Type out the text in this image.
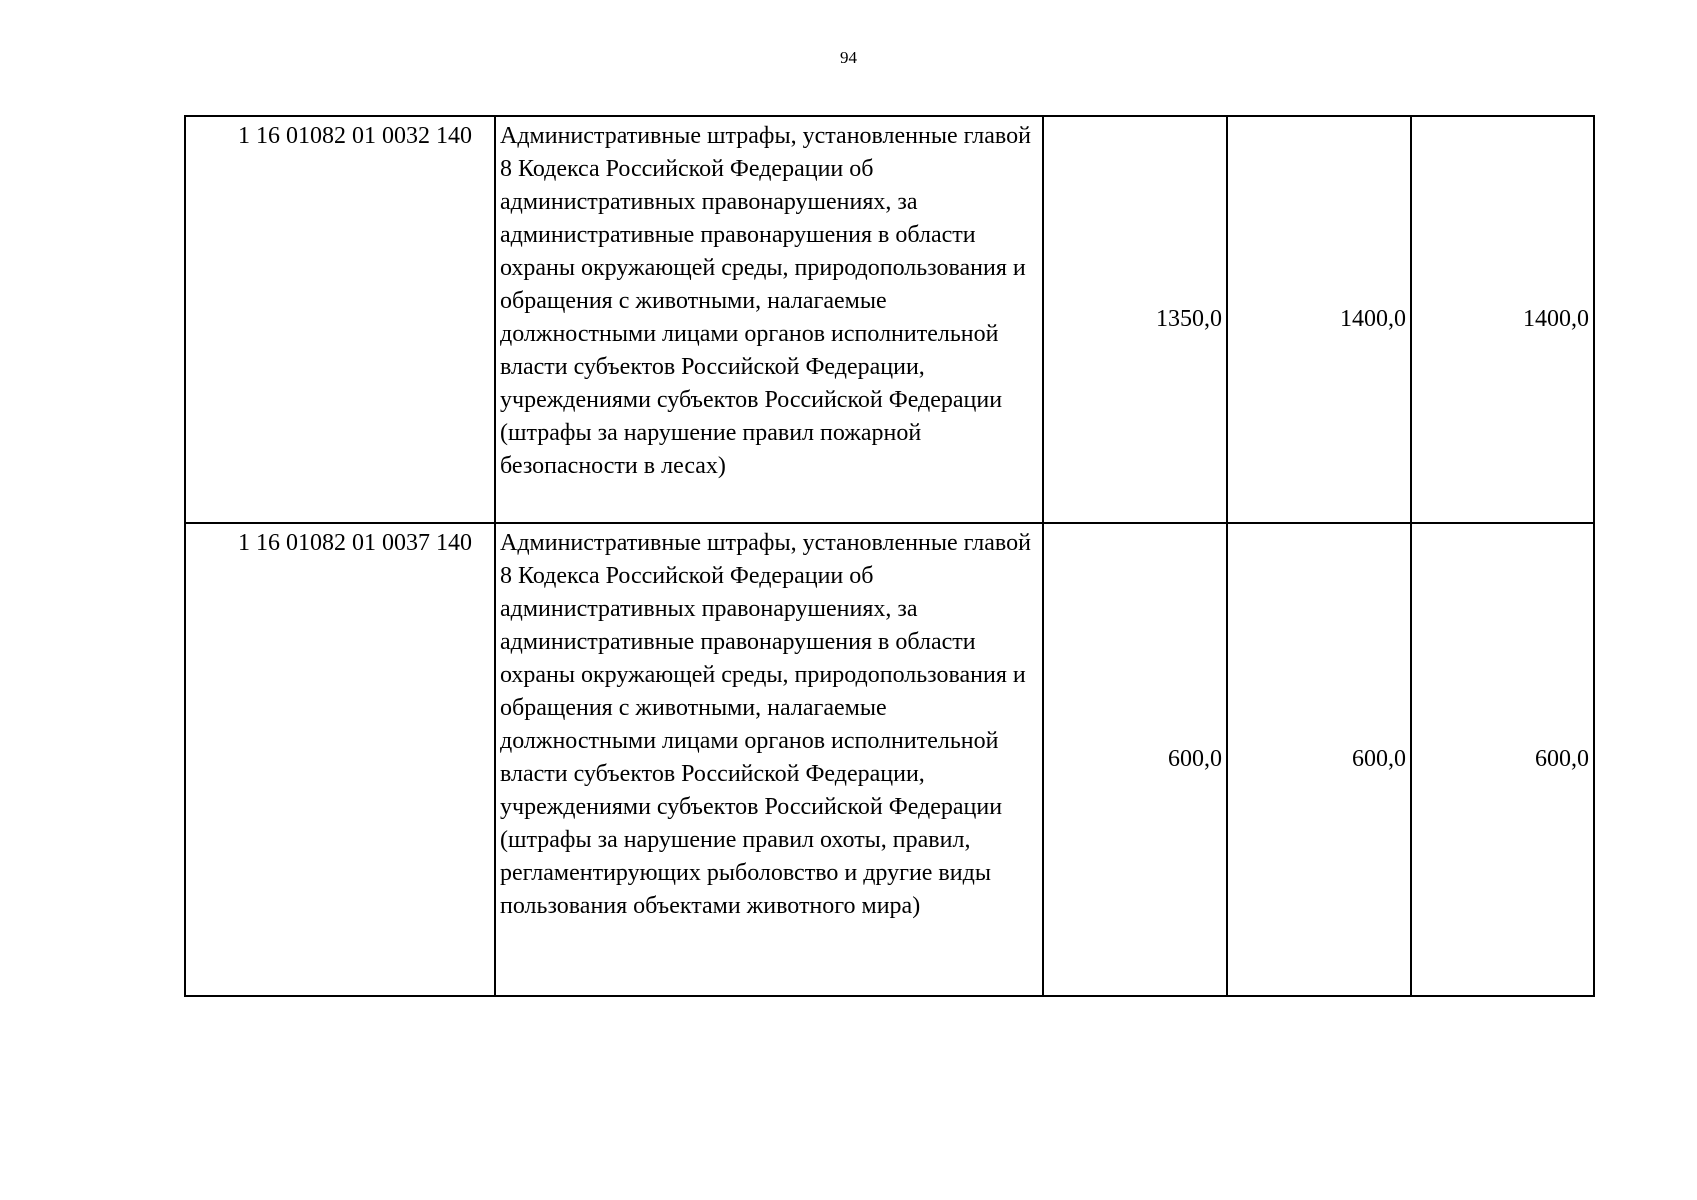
94
1 16 01082 01 0032 140	Административные штрафы, установленные главой 8 Кодекса Российской Федерации об административных правонарушениях, за административные правонарушения в области охраны окружающей среды, природопользования и обращения с животными, налагаемые должностными лицами органов исполнительной власти субъектов Российской Федерации, учреждениями субъектов Российской Федерации (штрафы за нарушение правил пожарной безопасности в лесах)	1350,0	1400,0	1400,0
1 16 01082 01 0037 140	Административные штрафы, установленные главой 8 Кодекса Российской Федерации об административных правонарушениях, за административные правонарушения в области охраны окружающей среды, природопользования и обращения с животными, налагаемые должностными лицами органов исполнительной власти субъектов Российской Федерации, учреждениями субъектов Российской Федерации (штрафы за нарушение правил охоты, правил, регламентирующих рыболовство и другие виды пользования объектами животного мира)	600,0	600,0	600,0
